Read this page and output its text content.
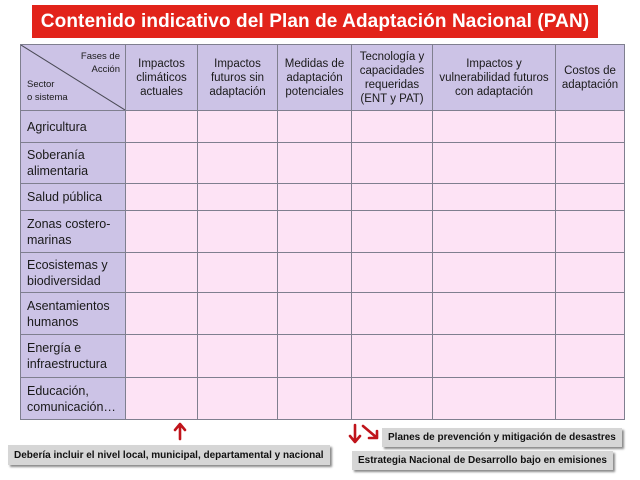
Contenido indicativo del Plan de Adaptación Nacional (PAN)
Fases de
Acción
Sector
o sistema	Impactos climáticos actuales	Impactos futuros sin adaptación	Medidas de adaptación potenciales	Tecnología y capacidades requeridas (ENT y PAT)	Impactos y vulnerabilidad futuros con adaptación	Costos de adaptación
Agricultura						
Soberanía alimentaria						
Salud pública						
Zonas costero-marinas						
Ecosistemas y biodiversidad						
Asentamientos humanos						
Energía e infraestructura						
Educación, comunicación…						
Debería incluir el nivel local, municipal, departamental y nacional
Planes de prevención y mitigación de desastres
Estrategia Nacional de Desarrollo bajo en emisiones
